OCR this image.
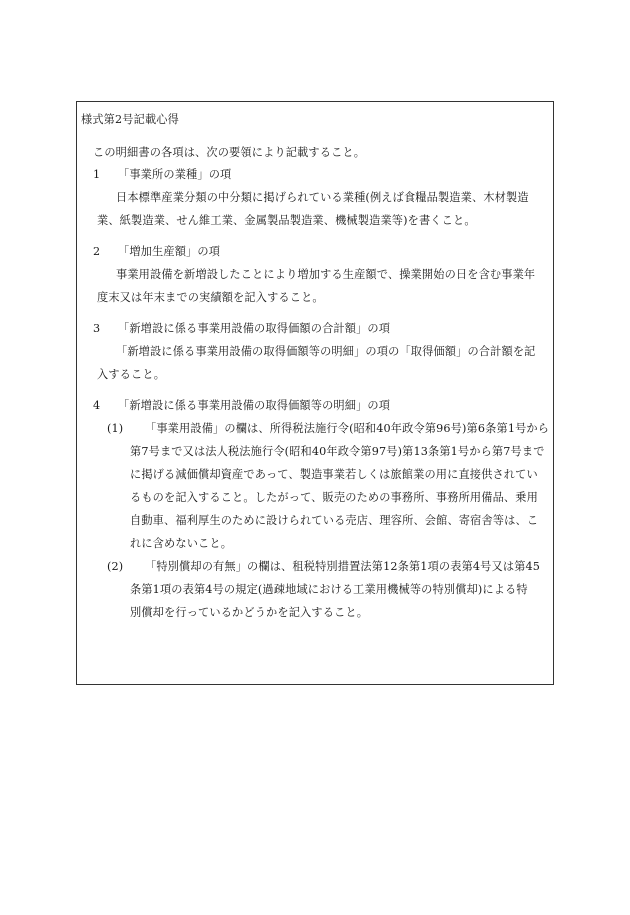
様式第2号記載心得
この明細書の各項は、次の要領により記載すること。
1 「事業所の業種」の項
日本標準産業分類の中分類に掲げられている業種(例えば食糧品製造業、木材製造
業、紙製造業、せん維工業、金属製品製造業、機械製造業等)を書くこと。
2 「増加生産額」の項
事業用設備を新増設したことにより増加する生産額で、操業開始の日を含む事業年
度末又は年末までの実績額を記入すること。
3 「新増設に係る事業用設備の取得価額の合計額」の項
「新増設に係る事業用設備の取得価額等の明細」の項の「取得価額」の合計額を記
入すること。
4 「新増設に係る事業用設備の取得価額等の明細」の項
(1) 「事業用設備」の欄は、所得税法施行令(昭和40年政令第96号)第6条第1号から
第7号まで又は法人税法施行令(昭和40年政令第97号)第13条第1号から第7号まで
に掲げる減価償却資産であって、製造事業若しくは旅館業の用に直接供されてい
るものを記入すること。したがって、販売のための事務所、事務所用備品、乗用
自動車、福利厚生のために設けられている売店、理容所、会館、寄宿舎等は、こ
れに含めないこと。
(2) 「特別償却の有無」の欄は、租税特別措置法第12条第1項の表第4号又は第45
条第1項の表第4号の規定(過疎地域における工業用機械等の特別償却)による特
別償却を行っているかどうかを記入すること。
